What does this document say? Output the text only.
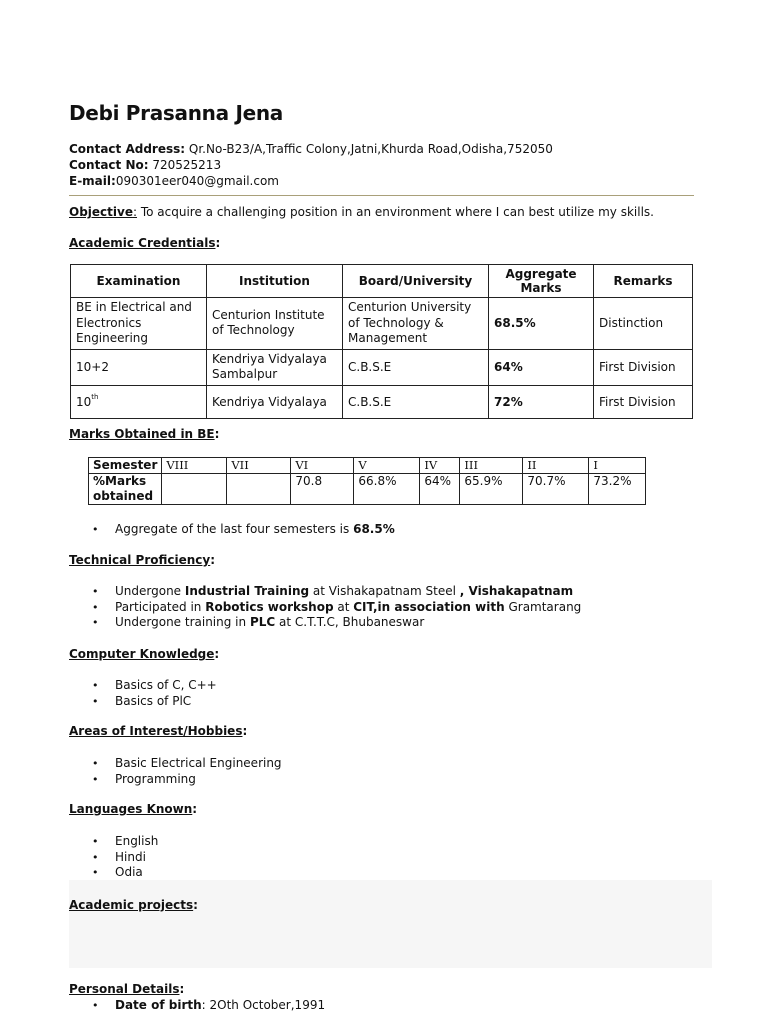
Debi Prasanna Jena
Contact Address: Qr.No-B23/A,Traffic Colony,Jatni,Khurda Road,Odisha,752050
Contact No: 720525213
E-mail:090301eer040@gmail.com
Objective: To acquire a challenging position in an environment where I can best utilize my skills.
Academic Credentials:
Examination	Institution	Board/University	Aggregate Marks	Remarks
BE in Electrical and Electronics Engineering	Centurion Institute of Technology	Centurion University of Technology & Management	68.5%	Distinction
10+2	Kendriya Vidyalaya Sambalpur	C.B.S.E	64%	First Division
10th	Kendriya Vidyalaya	C.B.S.E	72%	First Division
Marks Obtained in BE:
Semester	VIII	VII	VI	V	IV	III	II	I
%Marks obtained			70.8	66.8%	64%	65.9%	70.7%	73.2%
• Aggregate of the last four semesters is 68.5%
Technical Proficiency:
• Undergone Industrial Training at Vishakapatnam Steel , Vishakapatnam
• Participated in Robotics workshop at CIT,in association with Gramtarang
• Undergone training in PLC at C.T.T.C, Bhubaneswar
Computer Knowledge:
• Basics of C, C++
• Basics of PlC
Areas of Interest/Hobbies:
• Basic Electrical Engineering
• Programming
Languages Known:
• English
• Hindi
• Odia
Academic projects:
Personal Details:
• Date of birth: 2Oth October,1991
